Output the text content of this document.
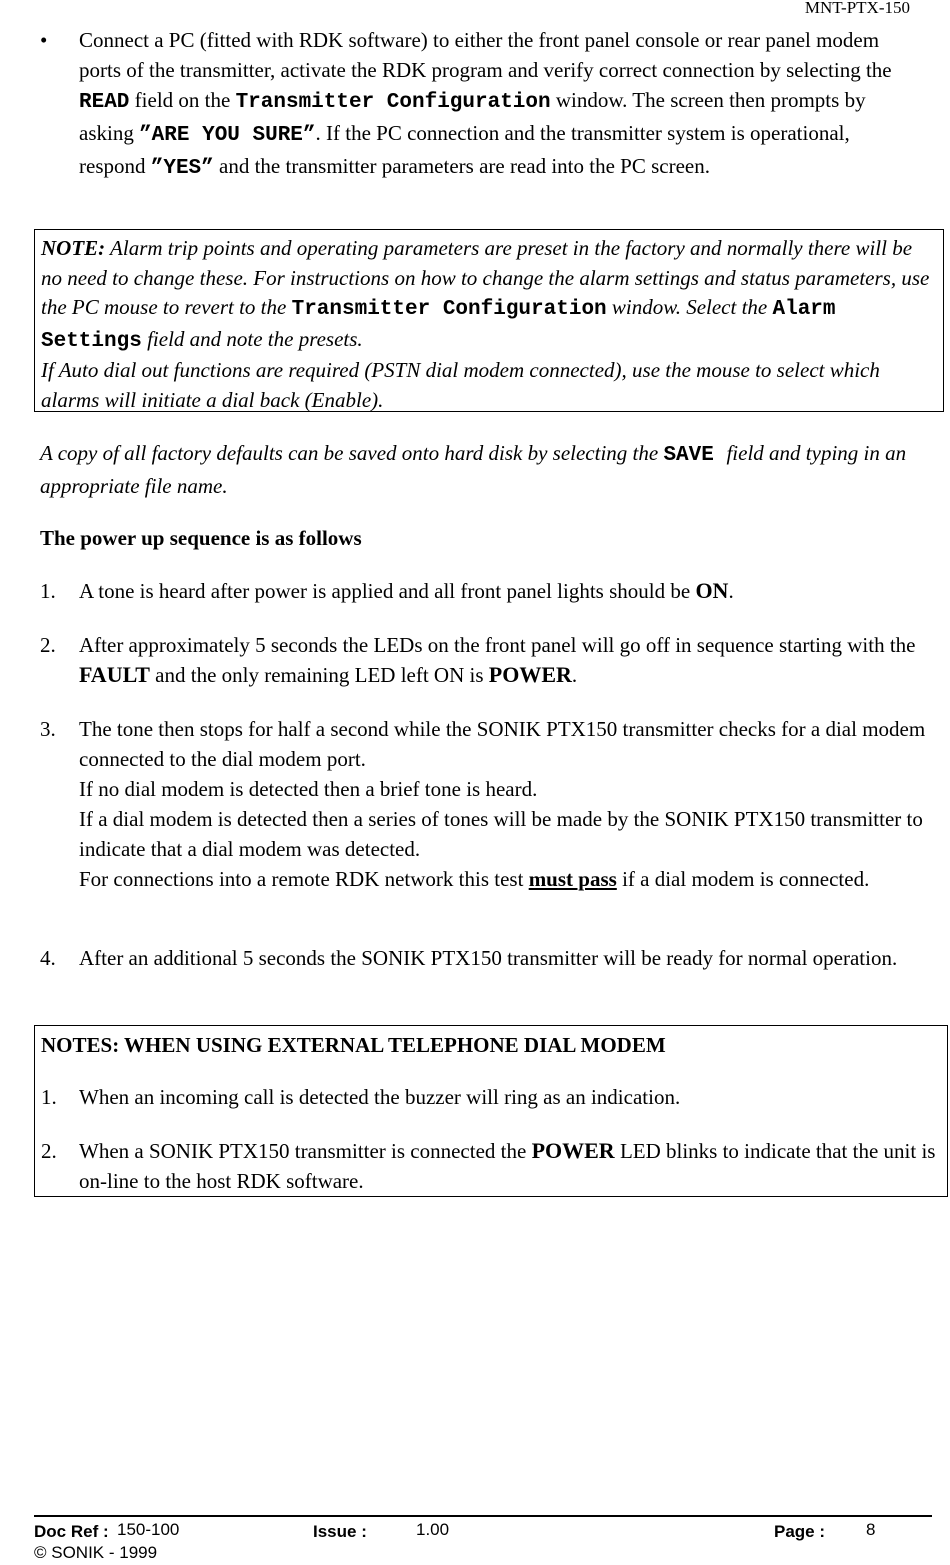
MNT-PTX-150
•	Connect a PC (fitted with RDK software) to either the front panel console or rear panel modem ports of the transmitter, activate the RDK program and verify correct connection by selecting the READ field on the Transmitter Configuration window. The screen then prompts by asking ”ARE YOU SURE”. If the PC connection and the transmitter system is operational, respond ”YES” and the transmitter parameters are read into the PC screen.
NOTE: Alarm trip points and operating parameters are preset in the factory and normally there will be no need to change these. For instructions on how to change the alarm settings and status parameters, use the PC mouse to revert to the Transmitter Configuration window. Select the Alarm Settings field and note the presets.
If Auto dial out functions are required (PSTN dial modem connected), use the mouse to select which alarms will initiate a dial back (Enable).
A copy of all factory defaults can be saved onto hard disk by selecting the SAVE field and typing in an appropriate file name.
The power up sequence is as follows
1. A tone is heard after power is applied and all front panel lights should be ON.
2. After approximately 5 seconds the LEDs on the front panel will go off in sequence starting with the FAULT and the only remaining LED left ON is POWER.
3. The tone then stops for half a second while the SONIK PTX150 transmitter checks for a dial modem connected to the dial modem port.
If no dial modem is detected then a brief tone is heard.
If a dial modem is detected then a series of tones will be made by the SONIK PTX150 transmitter to indicate that a dial modem was detected.
For connections into a remote RDK network this test must pass if a dial modem is connected.
4. After an additional 5 seconds the SONIK PTX150 transmitter will be ready for normal operation.
NOTES: WHEN USING EXTERNAL TELEPHONE DIAL MODEM
1. When an incoming call is detected the buzzer will ring as an indication.
2. When a SONIK PTX150 transmitter is connected the POWER LED blinks to indicate that the unit is on-line to the host RDK software.
Doc Ref : 150-100	Issue :	1.00	Page : 8
© SONIK - 1999
